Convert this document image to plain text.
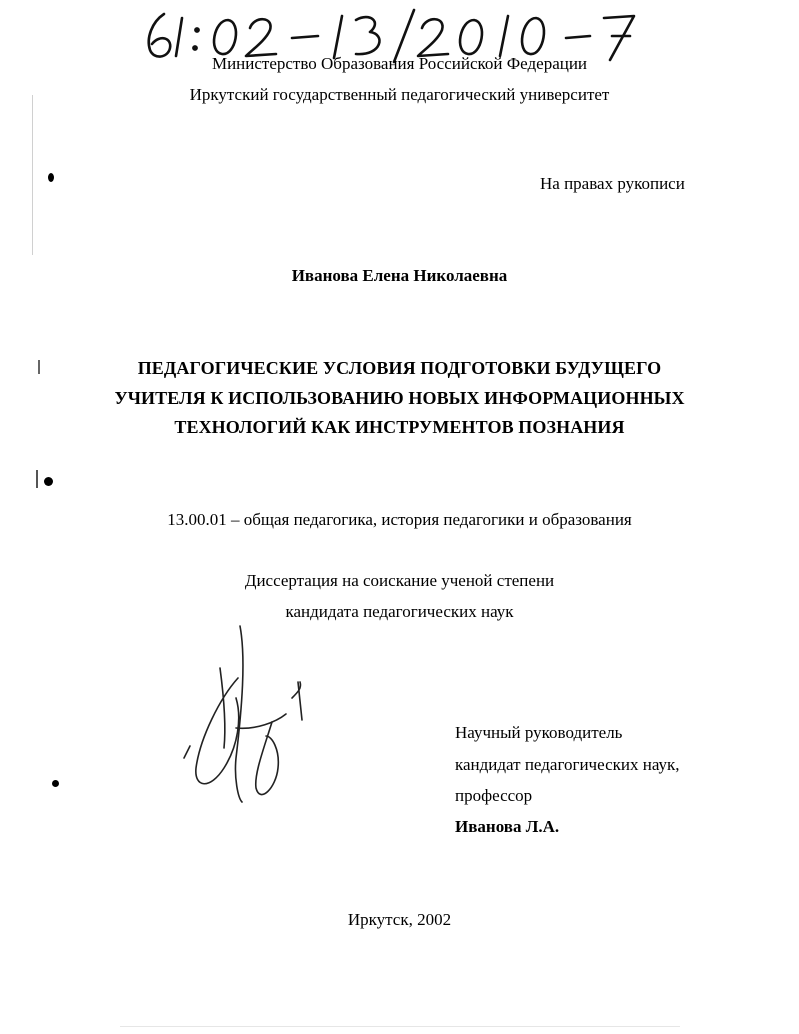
Министерство Образования Российской Федерации
Иркутский государственный педагогический университет
На правах рукописи
Иванова Елена Николаевна
ПЕДАГОГИЧЕСКИЕ УСЛОВИЯ ПОДГОТОВКИ БУДУЩЕГО
УЧИТЕЛЯ К ИСПОЛЬЗОВАНИЮ НОВЫХ ИНФОРМАЦИОННЫХ
ТЕХНОЛОГИЙ КАК ИНСТРУМЕНТОВ ПОЗНАНИЯ
13.00.01 – общая педагогика, история педагогики и образования
Диссертация на соискание ученой степени
кандидата педагогических наук
Научный руководитель
кандидат педагогических наук,
профессор
Иванова Л.А.
Иркутск, 2002
